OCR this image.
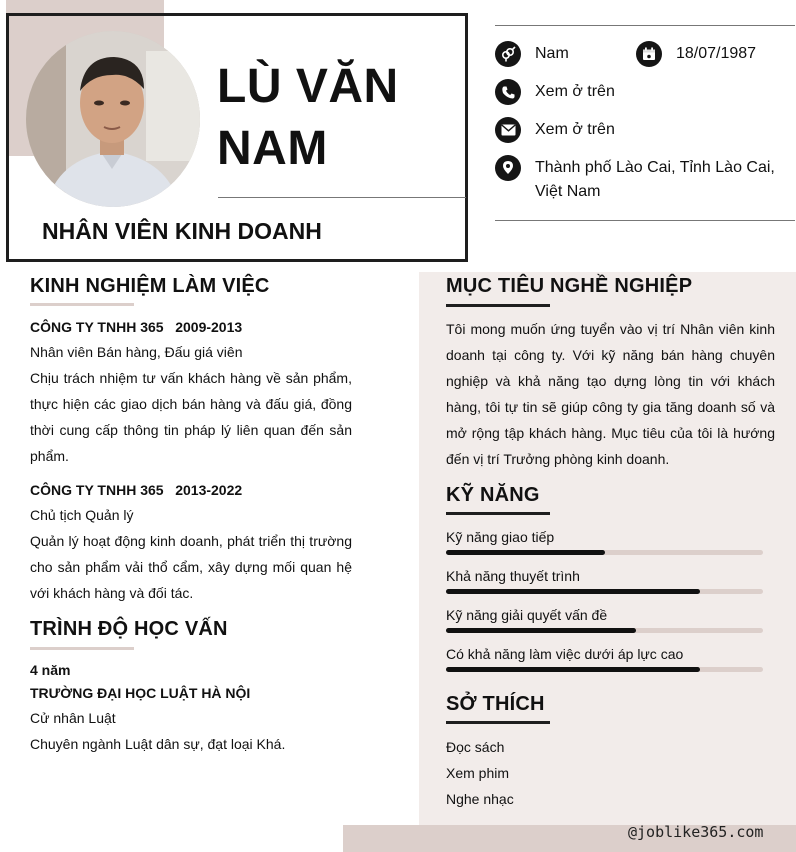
LÙ VĂN
NAM
NHÂN VIÊN KINH DOANH
Nam	18/07/1987
Xem ở trên
Xem ở trên
Thành phố Lào Cai, Tỉnh Lào Cai,
Việt Nam
KINH NGHIỆM LÀM VIỆC
CÔNG TY TNHH 365 2009-2013
Nhân viên Bán hàng, Đấu giá viên
Chịu trách nhiệm tư vấn khách hàng về sản phẩm, thực hiện các giao dịch bán hàng và đấu giá, đồng thời cung cấp thông tin pháp lý liên quan đến sản phẩm.
CÔNG TY TNHH 365 2013-2022
Chủ tịch Quản lý
Quản lý hoạt động kinh doanh, phát triển thị trường cho sản phẩm vải thổ cẩm, xây dựng mối quan hệ với khách hàng và đối tác.
TRÌNH ĐỘ HỌC VẤN
4 năm
TRƯỜNG ĐẠI HỌC LUẬT HÀ NỘI
Cử nhân Luật
Chuyên ngành Luật dân sự, đạt loại Khá.
MỤC TIÊU NGHỀ NGHIỆP
Tôi mong muốn ứng tuyển vào vị trí Nhân viên kinh doanh tại công ty. Với kỹ năng bán hàng chuyên nghiệp và khả năng tạo dựng lòng tin với khách hàng, tôi tự tin sẽ giúp công ty gia tăng doanh số và mở rộng tập khách hàng. Mục tiêu của tôi là hướng đến vị trí Trưởng phòng kinh doanh.
KỸ NĂNG
Kỹ năng giao tiếp
Khả năng thuyết trình
Kỹ năng giải quyết vấn đề
Có khả năng làm việc dưới áp lực cao
SỞ THÍCH
Đọc sách
Xem phim
Nghe nhạc
@joblike365.com
